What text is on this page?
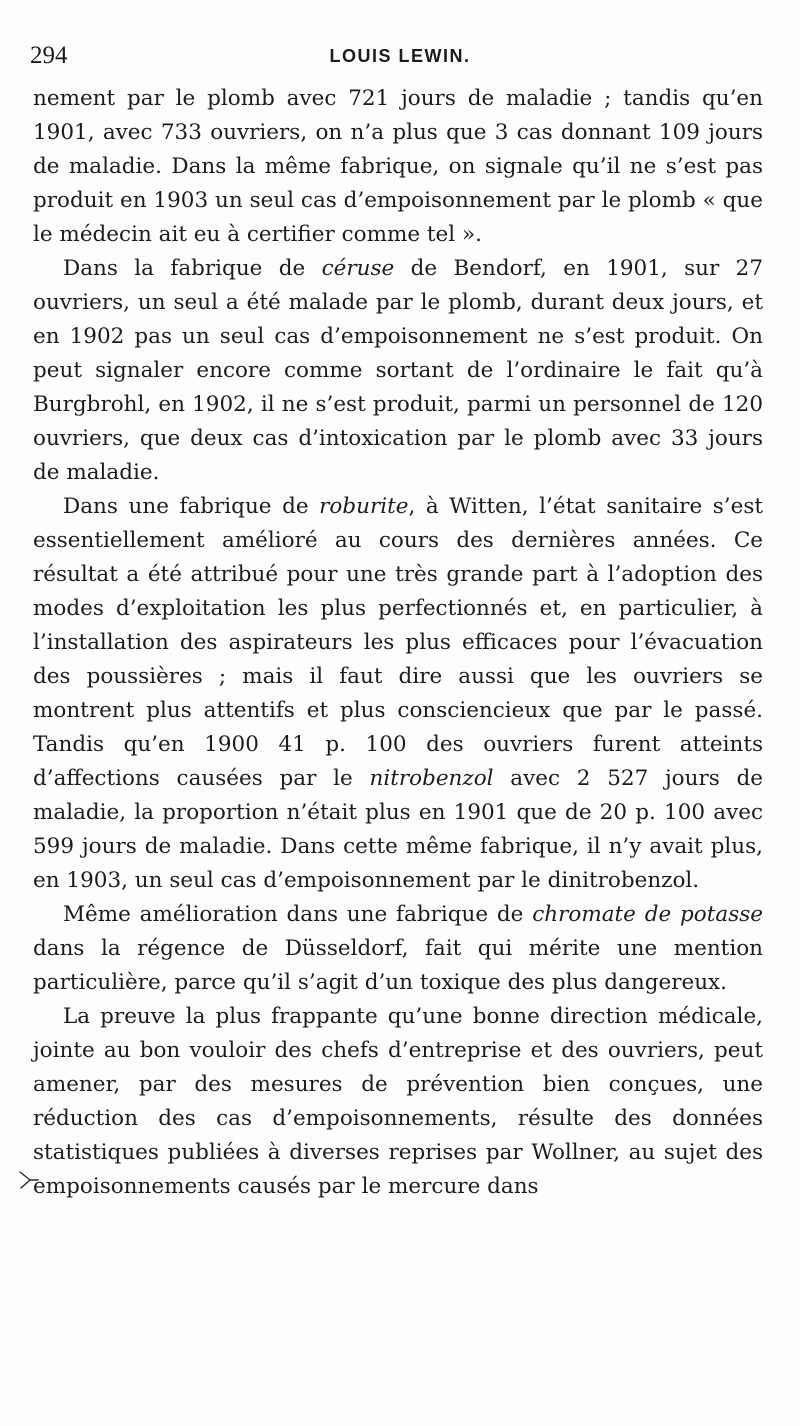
294	LOUIS LEWIN.

nement par le plomb avec 721 jours de maladie ; tandis qu’en 1901, avec 733 ouvriers, on n’a plus que 3 cas donnant 109 jours de maladie. Dans la même fabrique, on signale qu’il ne s’est pas produit en 1903 un seul cas d’empoisonnement par le plomb « que le médecin ait eu à certifier comme tel ».

Dans la fabrique de céruse de Bendorf, en 1901, sur 27 ouvriers, un seul a été malade par le plomb, durant deux jours, et en 1902 pas un seul cas d’empoisonnement ne s’est produit. On peut signaler encore comme sortant de l’ordinaire le fait qu’à Burgbrohl, en 1902, il ne s’est produit, parmi un personnel de 120 ouvriers, que deux cas d’intoxication par le plomb avec 33 jours de maladie.

Dans une fabrique de roburite, à Witten, l’état sanitaire s’est essentiellement amélioré au cours des dernières années. Ce résultat a été attribué pour une très grande part à l’adoption des modes d’exploitation les plus perfectionnés et, en particulier, à l’installation des aspirateurs les plus efficaces pour l’évacuation des poussières ; mais il faut dire aussi que les ouvriers se montrent plus attentifs et plus consciencieux que par le passé. Tandis qu’en 1900 41 p. 100 des ouvriers furent atteints d’affections causées par le nitrobenzol avec 2 527 jours de maladie, la proportion n’était plus en 1901 que de 20 p. 100 avec 599 jours de maladie. Dans cette même fabrique, il n’y avait plus, en 1903, un seul cas d’empoisonnement par le dinitrobenzol.

Même amélioration dans une fabrique de chromate de potasse dans la régence de Düsseldorf, fait qui mérite une mention particulière, parce qu’il s’agit d’un toxique des plus dangereux.

La preuve la plus frappante qu’une bonne direction médicale, jointe au bon vouloir des chefs d’entreprise et des ouvriers, peut amener, par des mesures de prévention bien conçues, une réduction des cas d’empoisonnements, résulte des données statistiques publiées à diverses reprises par Wollner, au sujet des empoisonnements causés par le mercure dans
